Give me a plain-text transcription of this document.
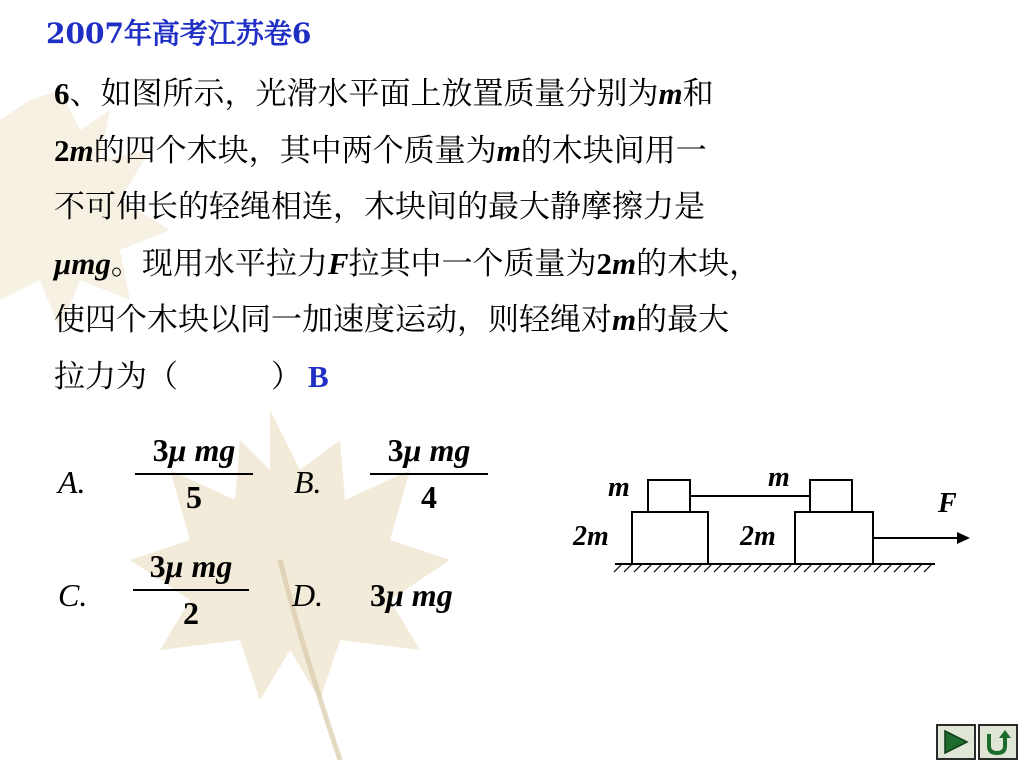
2007年高考江苏卷6
6、如图所示，光滑水平面上放置质量分别为m和
2m的四个木块，其中两个质量为m的木块间用一
不可伸长的轻绳相连，木块间的最大静摩擦力是
μmg。现用水平拉力F拉其中一个质量为2m的木块，
使四个木块以同一加速度运动，则轻绳对m的最大
拉力为（　　　） B
A.
3μ mg
5	B.
3μ mg
4
C.
3μ mg
2	D. 3μ mg
m	m
2m	2m
F
